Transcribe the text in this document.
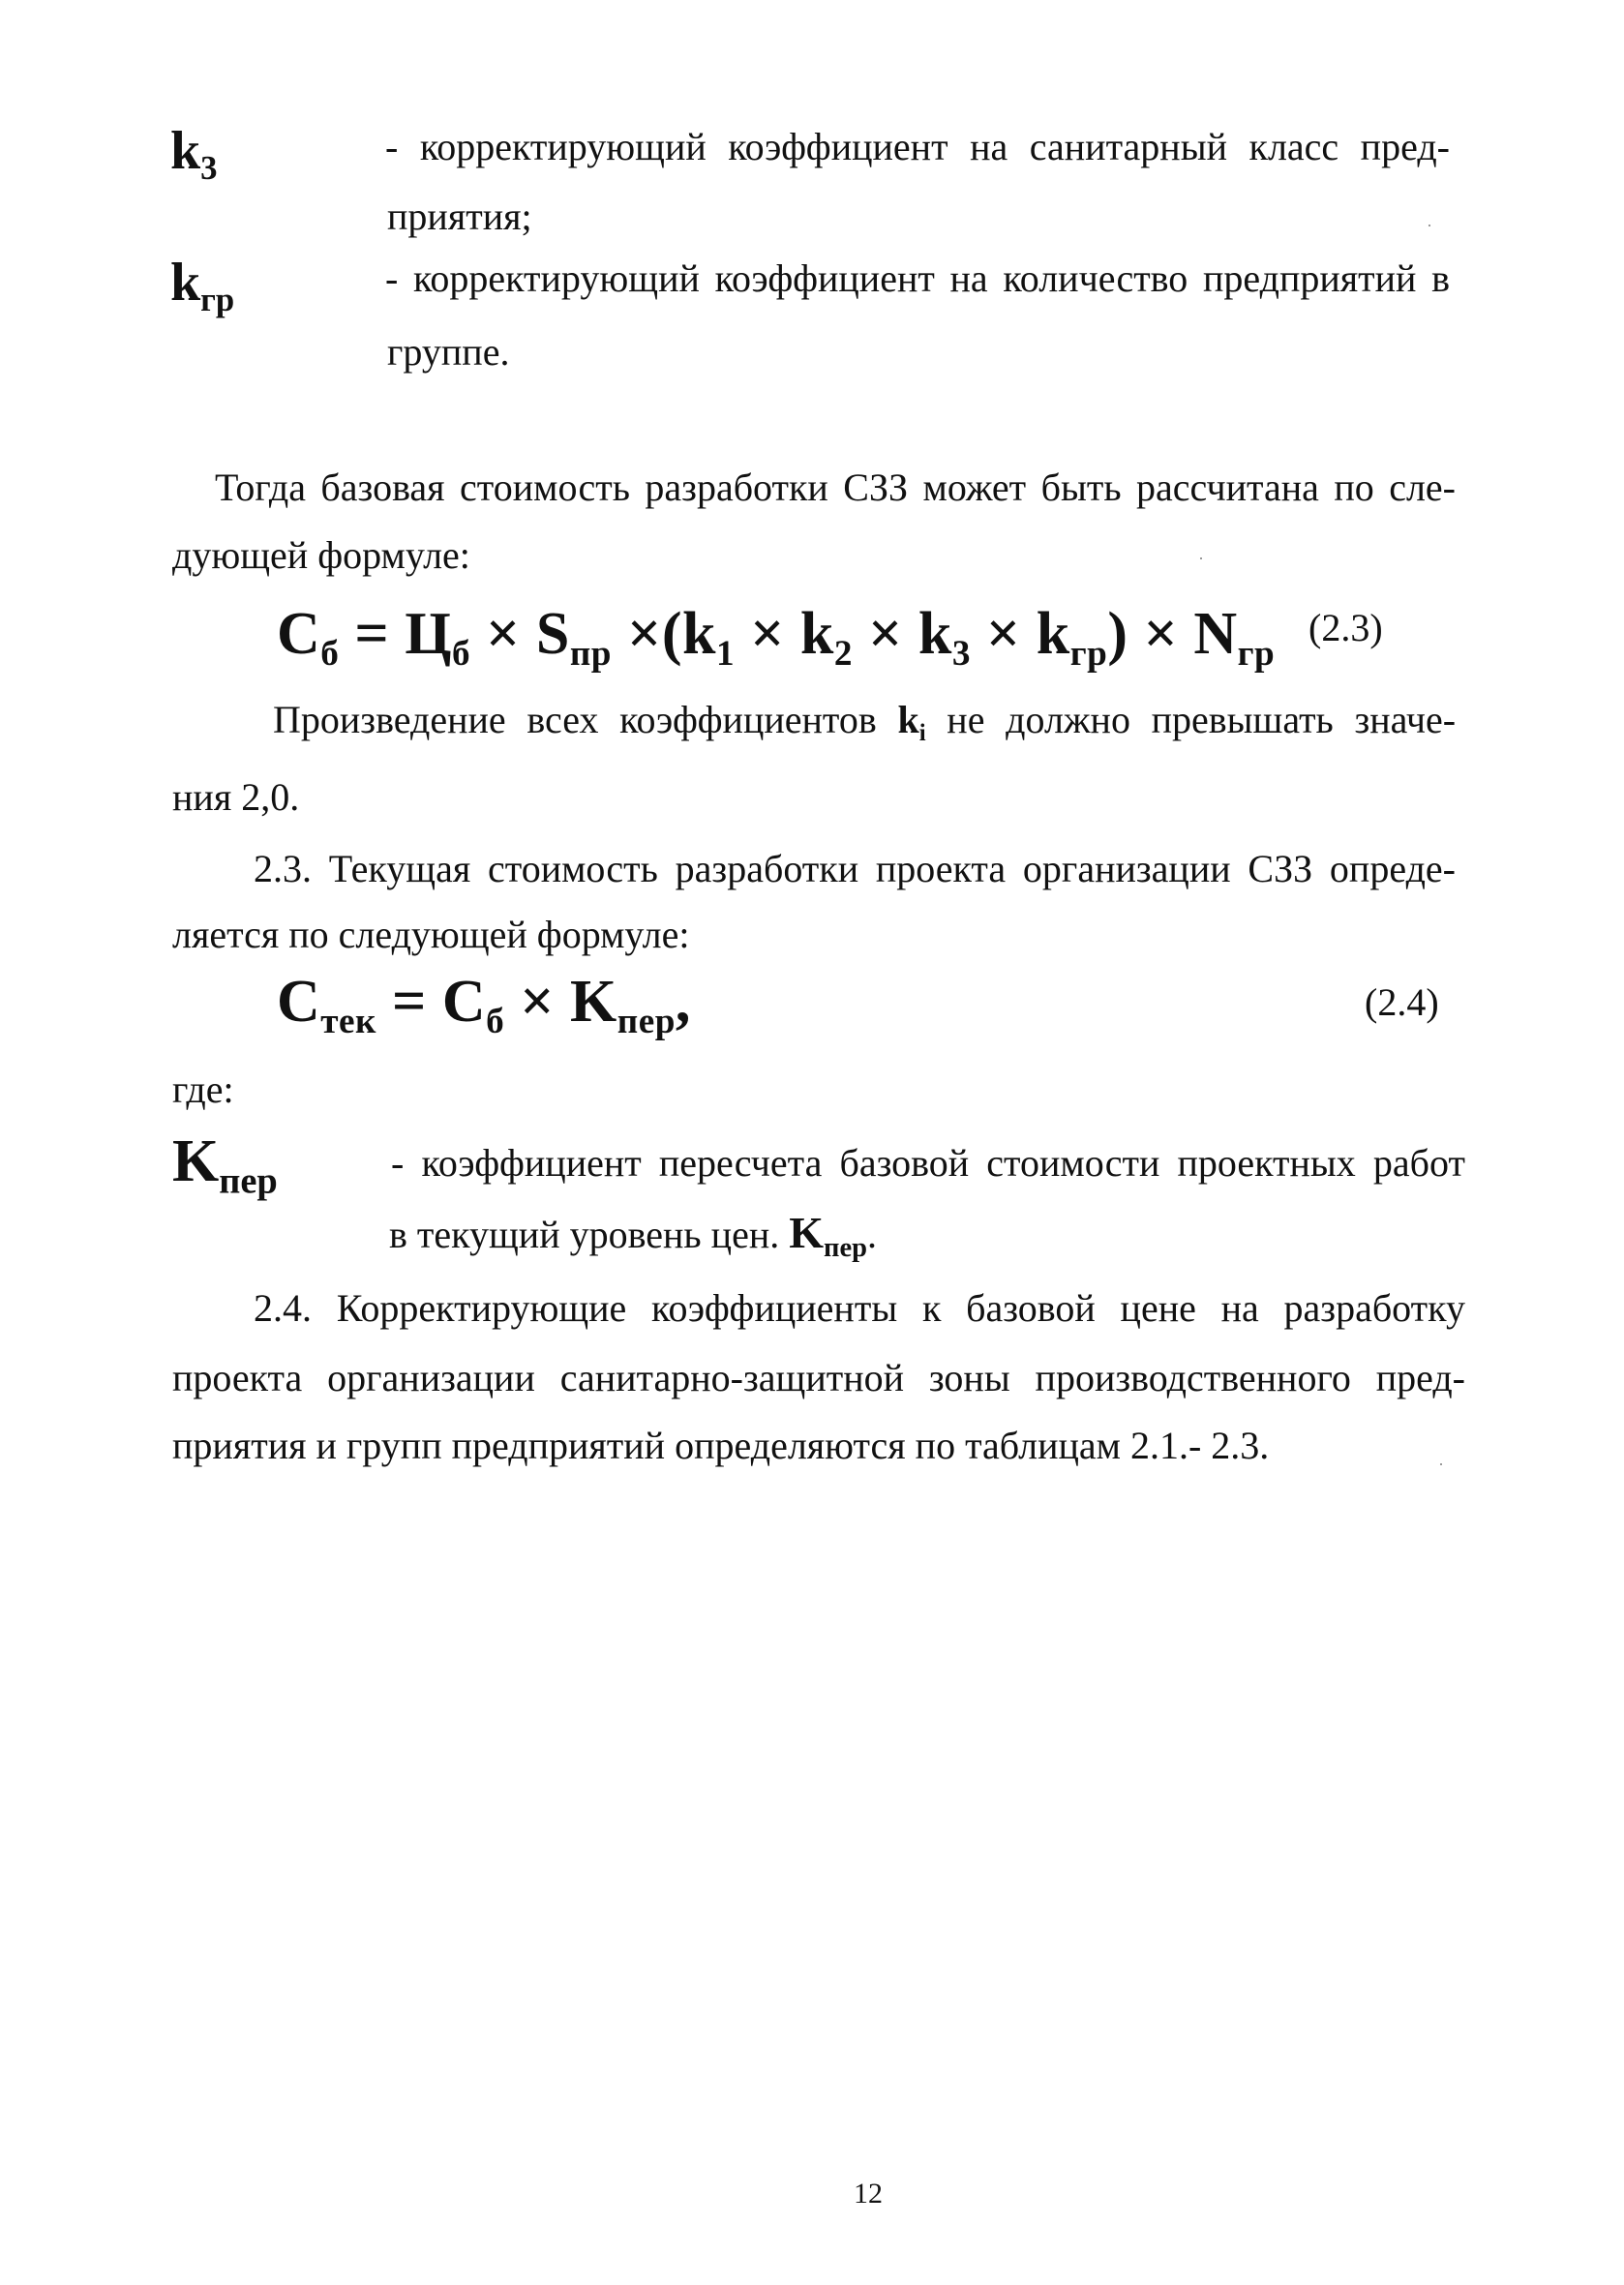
$k_3$	- корректирующий коэффициент на санитарный класс пред-
приятия;
$k_{гр}$	- корректирующий коэффициент на количество предприятий в
группе.
Тогда базовая стоимость разработки СЗЗ может быть рассчитана по сле-
дующей формуле:
$C_б = Ц_б \times S_{пр} \times(k_1 \times k_2 \times k_3 \times k_{гр}) \times N_{гр}$
(2.3)
Произведение всех коэффициентов $k_i$ не должно превышать значе-
ния 2,0.
2.3. Текущая стоимость разработки проекта организации СЗЗ опреде-
ляется по следующей формуле:
$C_{тек} = C_б \times K_{пер}$,	(2.4)
где:
$K_{пер}$	- коэффициент пересчета базовой стоимости проектных работ
в текущий уровень цен. $K_{пер}$.
2.4. Корректирующие коэффициенты к базовой цене на разработку
проекта организации санитарно-защитной зоны производственного пред-
приятия и групп предприятий определяются по таблицам 2.1.- 2.3.
12
